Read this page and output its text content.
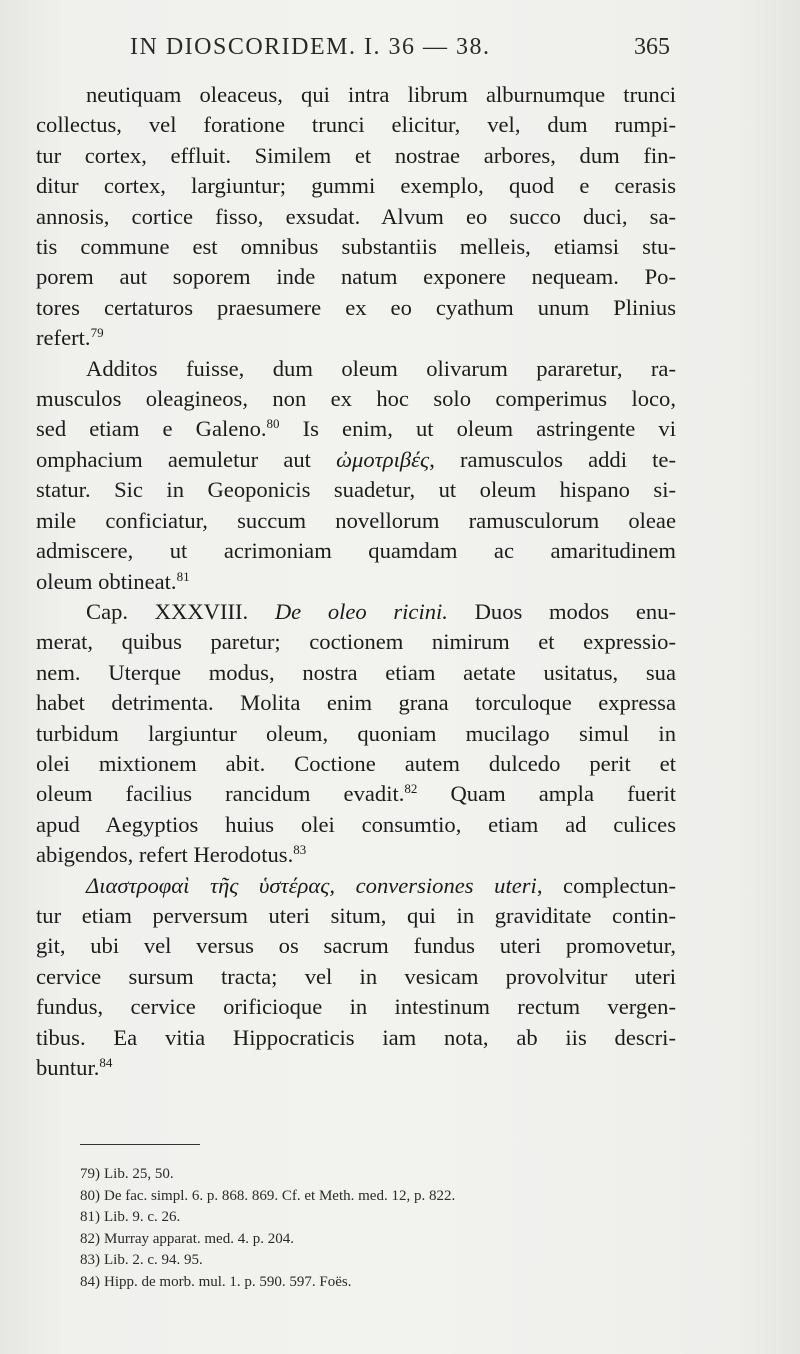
IN DIOSCORIDEM. I. 36 — 38.	365
neutiquam oleaceus, qui intra librum alburnumque trunci
collectus, vel foratione trunci elicitur, vel, dum rumpi-
tur cortex, effluit. Similem et nostrae arbores, dum fin-
ditur cortex, largiuntur; gummi exemplo, quod e cerasis
annosis, cortice fisso, exsudat. Alvum eo succo duci, sa-
tis commune est omnibus substantiis melleis, etiamsi stu-
porem aut soporem inde natum exponere nequeam. Po-
tores certaturos praesumere ex eo cyathum unum Plinius
refert.$^{79}$
Additos fuisse, dum oleum olivarum pararetur, ra-
musculos oleagineos, non ex hoc solo comperimus loco,
sed etiam e Galeno.$^{80}$ Is enim, ut oleum astringente vi
omphacium aemuletur aut ὠμοτριβές, ramusculos addi te-
statur. Sic in Geoponicis suadetur, ut oleum hispano si-
mile conficiatur, succum novellorum ramusculorum oleae
admiscere, ut acrimoniam quamdam ac amaritudinem
oleum obtineat.$^{81}$
Cap. XXXVIII. De oleo ricini. Duos modos enu-
merat, quibus paretur; coctionem nimirum et expressio-
nem. Uterque modus, nostra etiam aetate usitatus, sua
habet detrimenta. Molita enim grana torculoque expressa
turbidum largiuntur oleum, quoniam mucilago simul in
olei mixtionem abit. Coctione autem dulcedo perit et
oleum facilius rancidum evadit.$^{82}$ Quam ampla fuerit
apud Aegyptios huius olei consumtio, etiam ad culices
abigendos, refert Herodotus.$^{83}$
Διαστροφαὶ τῆς ὑστέρας, conversiones uteri, complectun-
tur etiam perversum uteri situm, qui in graviditate contin-
git, ubi vel versus os sacrum fundus uteri promovetur,
cervice sursum tracta; vel in vesicam provolvitur uteri
fundus, cervice orificioque in intestinum rectum vergen-
tibus. Ea vitia Hippocraticis iam nota, ab iis descri-
buntur.$^{84}$
79) Lib. 25, 50.
80) De fac. simpl. 6. p. 868. 869. Cf. et Meth. med. 12, p. 822.
81) Lib. 9. c. 26.
82) Murray apparat. med. 4. p. 204.
83) Lib. 2. c. 94. 95.
84) Hipp. de morb. mul. 1. p. 590. 597. Foës.
